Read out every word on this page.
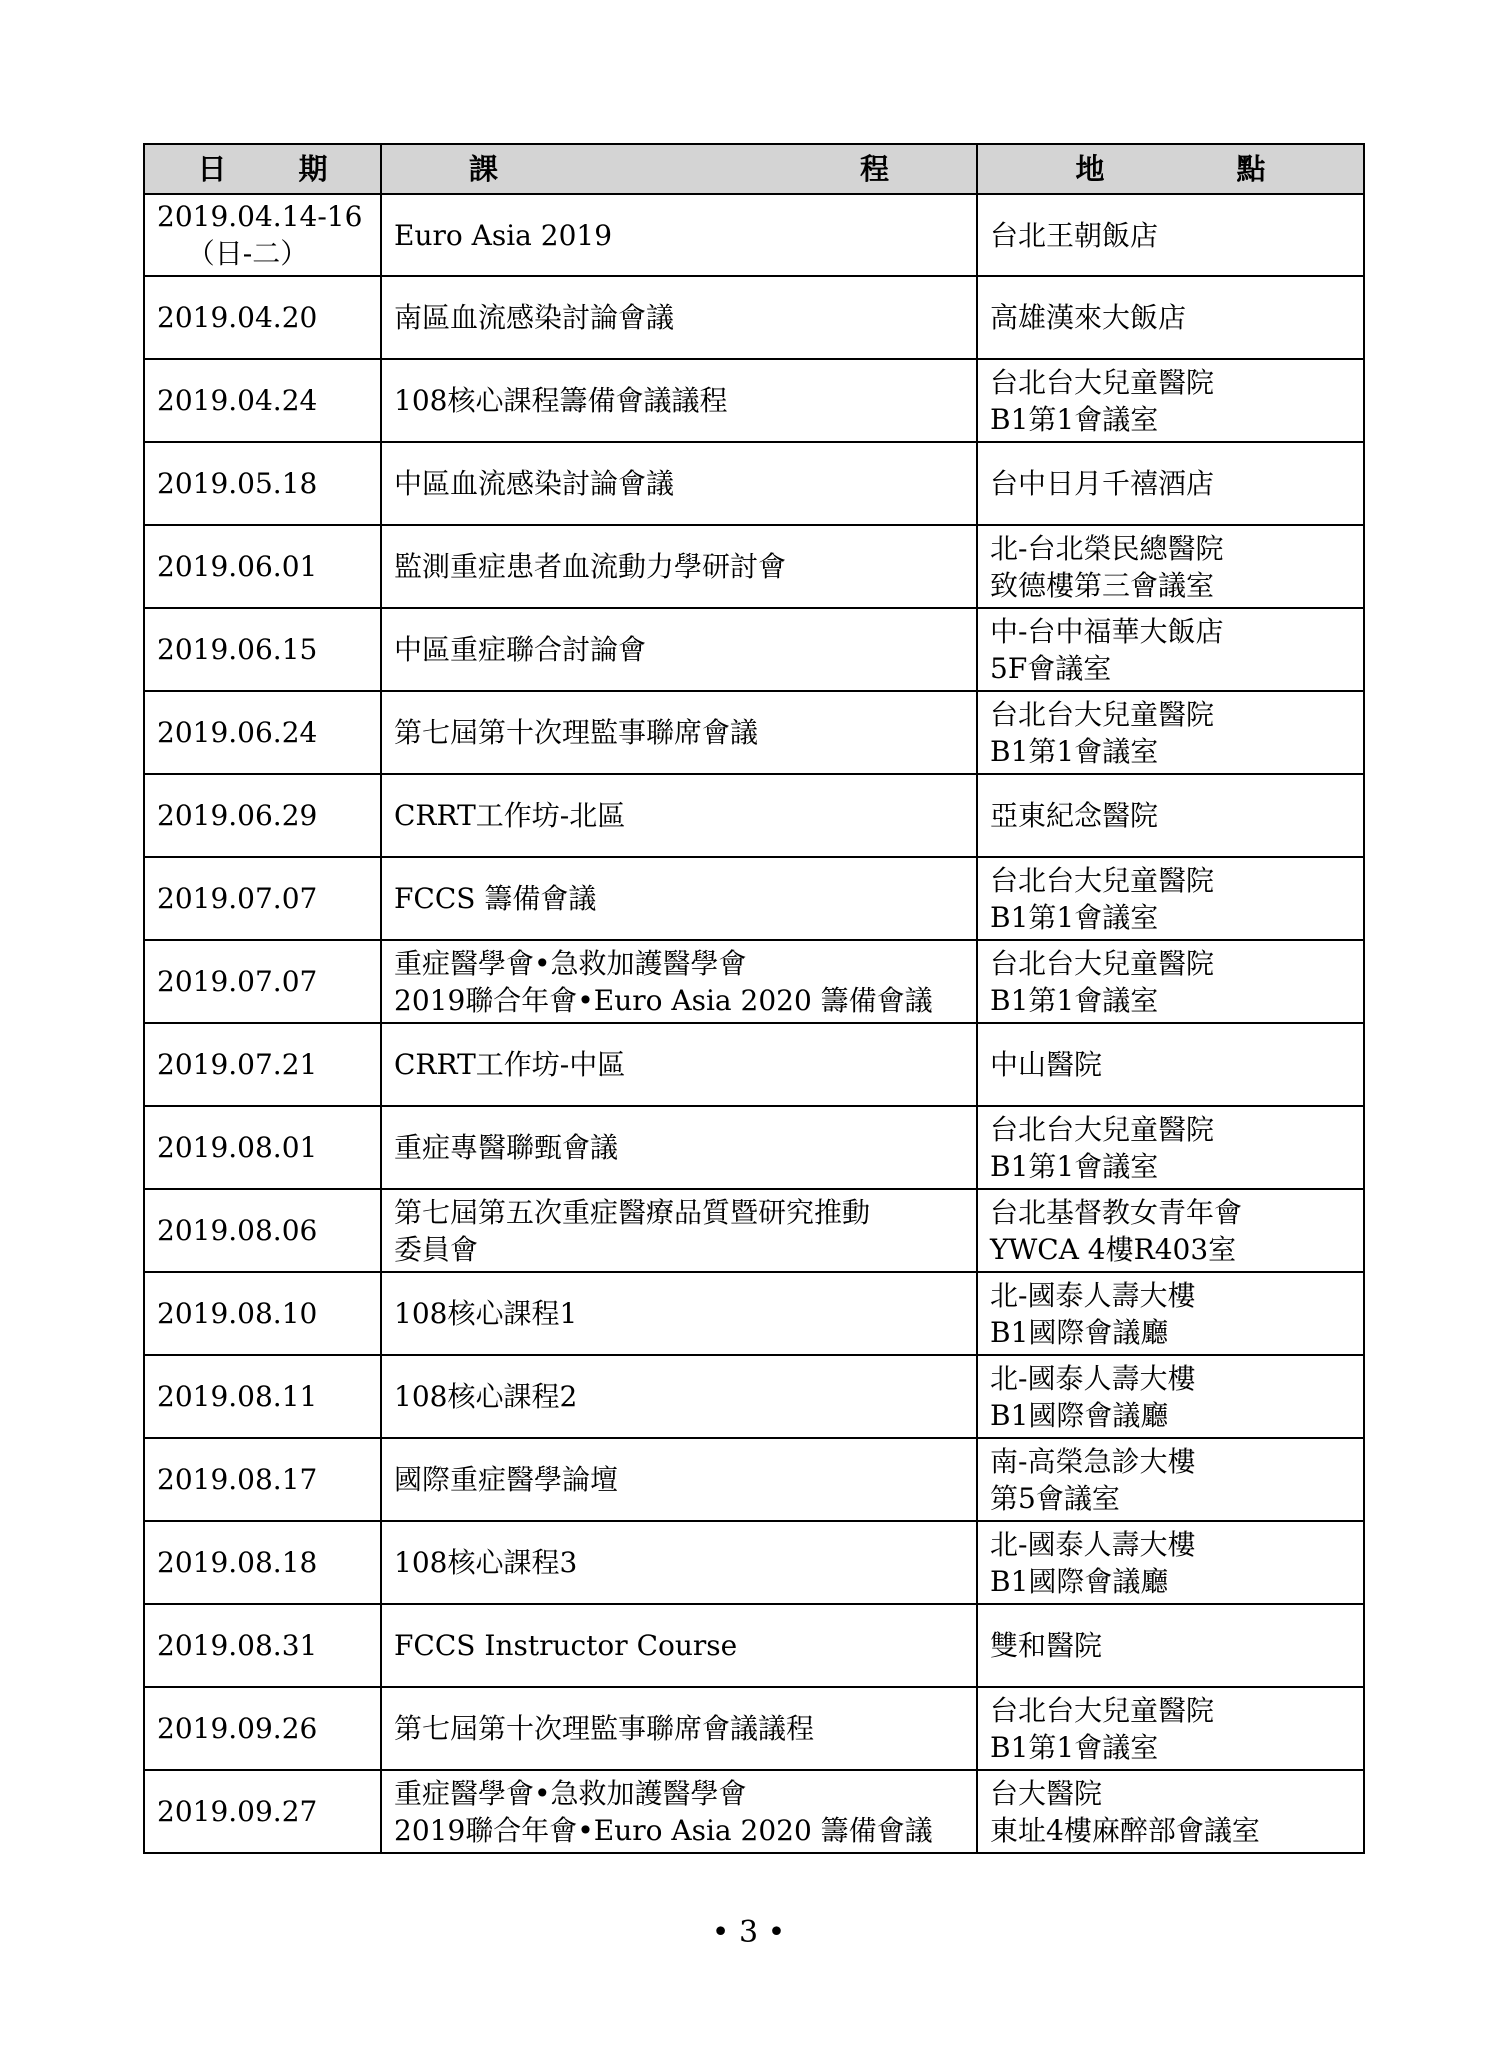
日 期	課 程	地 點

2019.04.14-16
（日-二）	Euro Asia 2019	台北王朝飯店

2019.04.20	南區血流感染討論會議	高雄漢來大飯店

2019.04.24	108核心課程籌備會議議程	台北台大兒童醫院
B1第1會議室

2019.05.18	中區血流感染討論會議	台中日月千禧酒店

2019.06.01	監測重症患者血流動力學研討會	北-台北榮民總醫院
致德樓第三會議室

2019.06.15	中區重症聯合討論會	中-台中福華大飯店
5F會議室

2019.06.24	第七屆第十次理監事聯席會議	台北台大兒童醫院
B1第1會議室

2019.06.29	CRRT工作坊-北區	亞東紀念醫院

2019.07.07	FCCS 籌備會議	台北台大兒童醫院
B1第1會議室

2019.07.07	重症醫學會•急救加護醫學會
2019聯合年會•Euro Asia 2020 籌備會議	台北台大兒童醫院
B1第1會議室

2019.07.21	CRRT工作坊-中區	中山醫院

2019.08.01	重症專醫聯甄會議	台北台大兒童醫院
B1第1會議室

2019.08.06	第七屆第五次重症醫療品質暨研究推動
委員會	台北基督教女青年會
YWCA 4樓R403室

2019.08.10	108核心課程1	北-國泰人壽大樓
B1國際會議廳

2019.08.11	108核心課程2	北-國泰人壽大樓
B1國際會議廳

2019.08.17	國際重症醫學論壇	南-高榮急診大樓
第5會議室

2019.08.18	108核心課程3	北-國泰人壽大樓
B1國際會議廳

2019.08.31	FCCS Instructor Course	雙和醫院

2019.09.26	第七屆第十次理監事聯席會議議程	台北台大兒童醫院
B1第1會議室

2019.09.27	重症醫學會•急救加護醫學會
2019聯合年會•Euro Asia 2020 籌備會議	台大醫院
東址4樓麻醉部會議室
• 3 •
